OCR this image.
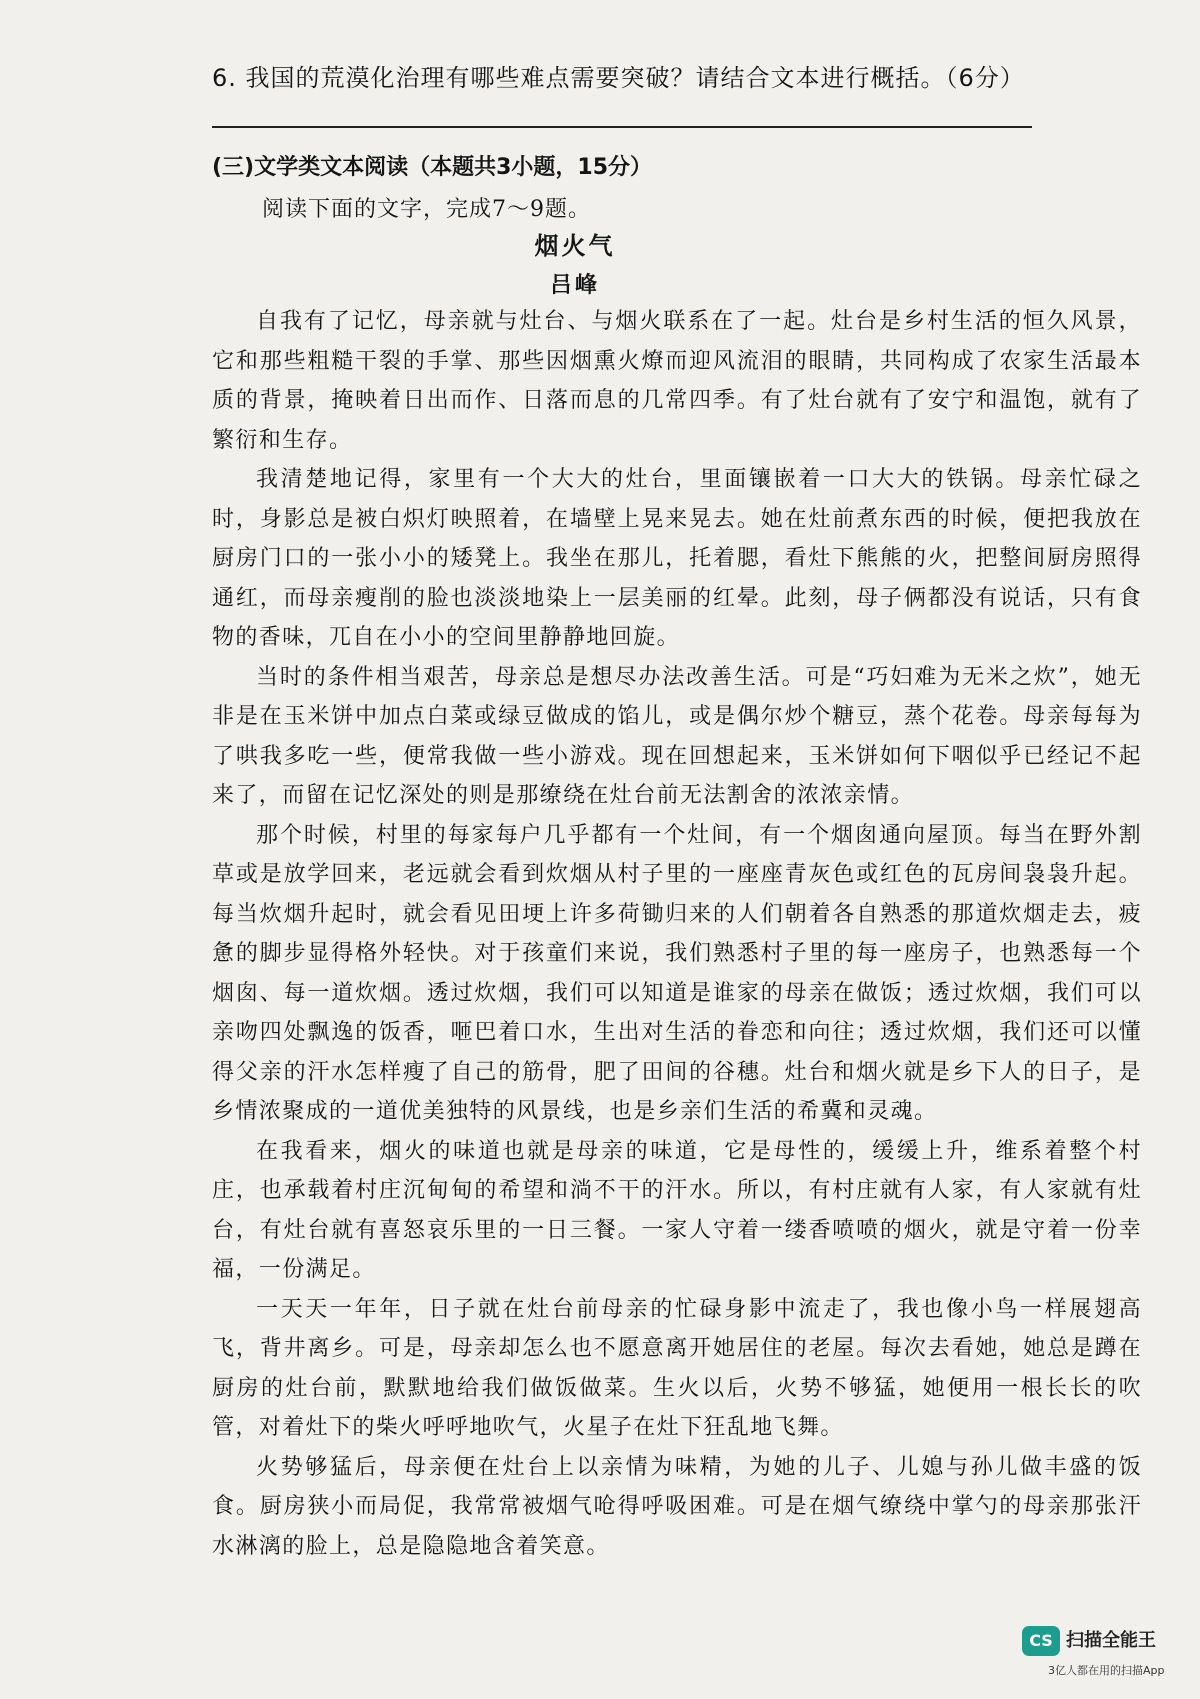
6. 我国的荒漠化治理有哪些难点需要突破？请结合文本进行概括。（6分）
(三)文学类文本阅读（本题共3小题，15分）
阅读下面的文字，完成7～9题。
烟火气
吕峰

自我有了记忆，母亲就与灶台、与烟火联系在了一起。灶台是乡村生活的恒久风景，它和那些粗糙干裂的手掌、那些因烟熏火燎而迎风流泪的眼睛，共同构成了农家生活最本质的背景，掩映着日出而作、日落而息的几常四季。有了灶台就有了安宁和温饱，就有了繁衍和生存。

我清楚地记得，家里有一个大大的灶台，里面镶嵌着一口大大的铁锅。母亲忙碌之时，身影总是被白炽灯映照着，在墙壁上晃来晃去。她在灶前煮东西的时候，便把我放在厨房门口的一张小小的矮凳上。我坐在那儿，托着腮，看灶下熊熊的火，把整间厨房照得通红，而母亲瘦削的脸也淡淡地染上一层美丽的红晕。此刻，母子俩都没有说话，只有食物的香味，兀自在小小的空间里静静地回旋。

当时的条件相当艰苦，母亲总是想尽办法改善生活。可是“巧妇难为无米之炊”，她无非是在玉米饼中加点白菜或绿豆做成的馅儿，或是偶尔炒个糖豆，蒸个花卷。母亲每每为了哄我多吃一些，便常我做一些小游戏。现在回想起来，玉米饼如何下咽似乎已经记不起来了，而留在记忆深处的则是那缭绕在灶台前无法割舍的浓浓亲情。

那个时候，村里的每家每户几乎都有一个灶间，有一个烟囱通向屋顶。每当在野外割草或是放学回来，老远就会看到炊烟从村子里的一座座青灰色或红色的瓦房间袅袅升起。每当炊烟升起时，就会看见田埂上许多荷锄归来的人们朝着各自熟悉的那道炊烟走去，疲惫的脚步显得格外轻快。对于孩童们来说，我们熟悉村子里的每一座房子，也熟悉每一个烟囱、每一道炊烟。透过炊烟，我们可以知道是谁家的母亲在做饭；透过炊烟，我们可以亲吻四处飘逸的饭香，咂巴着口水，生出对生活的眷恋和向往；透过炊烟，我们还可以懂得父亲的汗水怎样瘦了自己的筋骨，肥了田间的谷穗。灶台和烟火就是乡下人的日子，是乡情浓聚成的一道优美独特的风景线，也是乡亲们生活的希冀和灵魂。

在我看来，烟火的味道也就是母亲的味道，它是母性的，缓缓上升，维系着整个村庄，也承载着村庄沉甸甸的希望和淌不干的汗水。所以，有村庄就有人家，有人家就有灶台，有灶台就有喜怒哀乐里的一日三餐。一家人守着一缕香喷喷的烟火，就是守着一份幸福，一份满足。

一天天一年年，日子就在灶台前母亲的忙碌身影中流走了，我也像小鸟一样展翅高飞，背井离乡。可是，母亲却怎么也不愿意离开她居住的老屋。每次去看她，她总是蹲在厨房的灶台前，默默地给我们做饭做菜。生火以后，火势不够猛，她便用一根长长的吹管，对着灶下的柴火呼呼地吹气，火星子在灶下狂乱地飞舞。

火势够猛后，母亲便在灶台上以亲情为味精，为她的儿子、儿媳与孙儿做丰盛的饭食。厨房狭小而局促，我常常被烟气呛得呼吸困难。可是在烟气缭绕中掌勺的母亲那张汗水淋漓的脸上，总是隐隐地含着笑意。

CS 扫描全能王
3亿人都在用的扫描App
